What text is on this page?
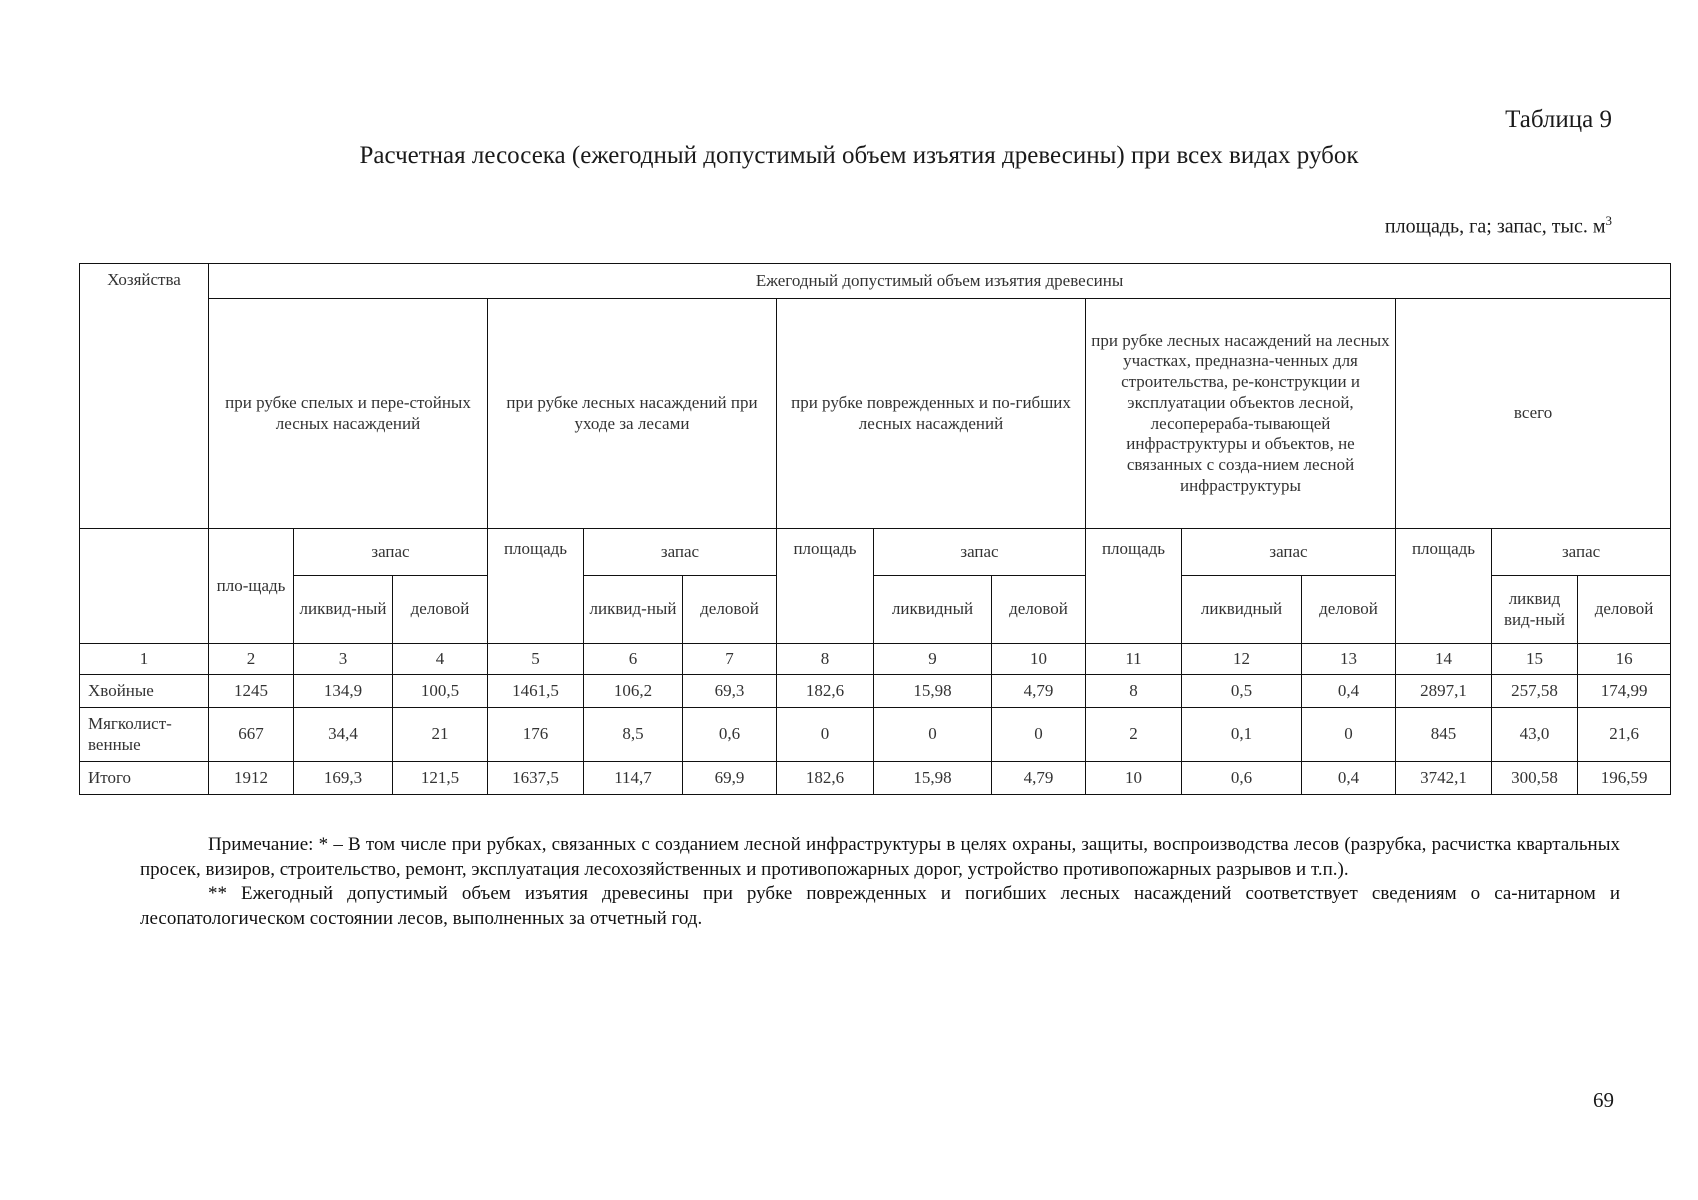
Таблица 9
Расчетная лесосека (ежегодный допустимый объем изъятия древесины) при всех видах рубок
площадь, га; запас, тыс. $м^3$
Хозяйства	Ежегодный допустимый объем изъятия древесины														
	при рубке спелых и пере-стойных лесных насаждений			при рубке лесных насаждений при уходе за лесами			при рубке поврежденных и по-гибших лесных насаждений			при рубке лесных насаждений на лесных участках, предназна-ченных для строительства, ре-конструкции и эксплуатации объектов лесной, лесоперераба-тывающей инфраструктуры и объектов, не связанных с созда-нием лесной инфраструктуры			всего		
	пло-щадь	запас		площадь	запас		площадь	запас		площадь	запас		площадь	запас	
		ликвид-ный	деловой		ликвид-ный	деловой		ликвидный	деловой		ликвидный	деловой		ликвид вид-ный	деловой
1	2	3	4	5	6	7	8	9	10	11	12	13	14	15	16
Хвойные	1245	134,9	100,5	1461,5	106,2	69,3	182,6	15,98	4,79	8	0,5	0,4	2897,1	257,58	174,99
Мягколист-венные	667	34,4	21	176	8,5	0,6	0	0	0	2	0,1	0	845	43,0	21,6
Итого	1912	169,3	121,5	1637,5	114,7	69,9	182,6	15,98	4,79	10	0,6	0,4	3742,1	300,58	196,59

Примечание: * – В том числе при рубках, связанных с созданием лесной инфраструктуры в целях охраны, защиты, воспроизводства лесов (разрубка, расчистка квартальных просек, визиров, строительство, ремонт, эксплуатация лесохозяйственных и противопожарных дорог, устройство противопожарных разрывов и т.п.).

** Ежегодный допустимый объем изъятия древесины при рубке поврежденных и погибших лесных насаждений соответствует сведениям о са-нитарном и лесопатологическом состоянии лесов, выполненных за отчетный год.

69
